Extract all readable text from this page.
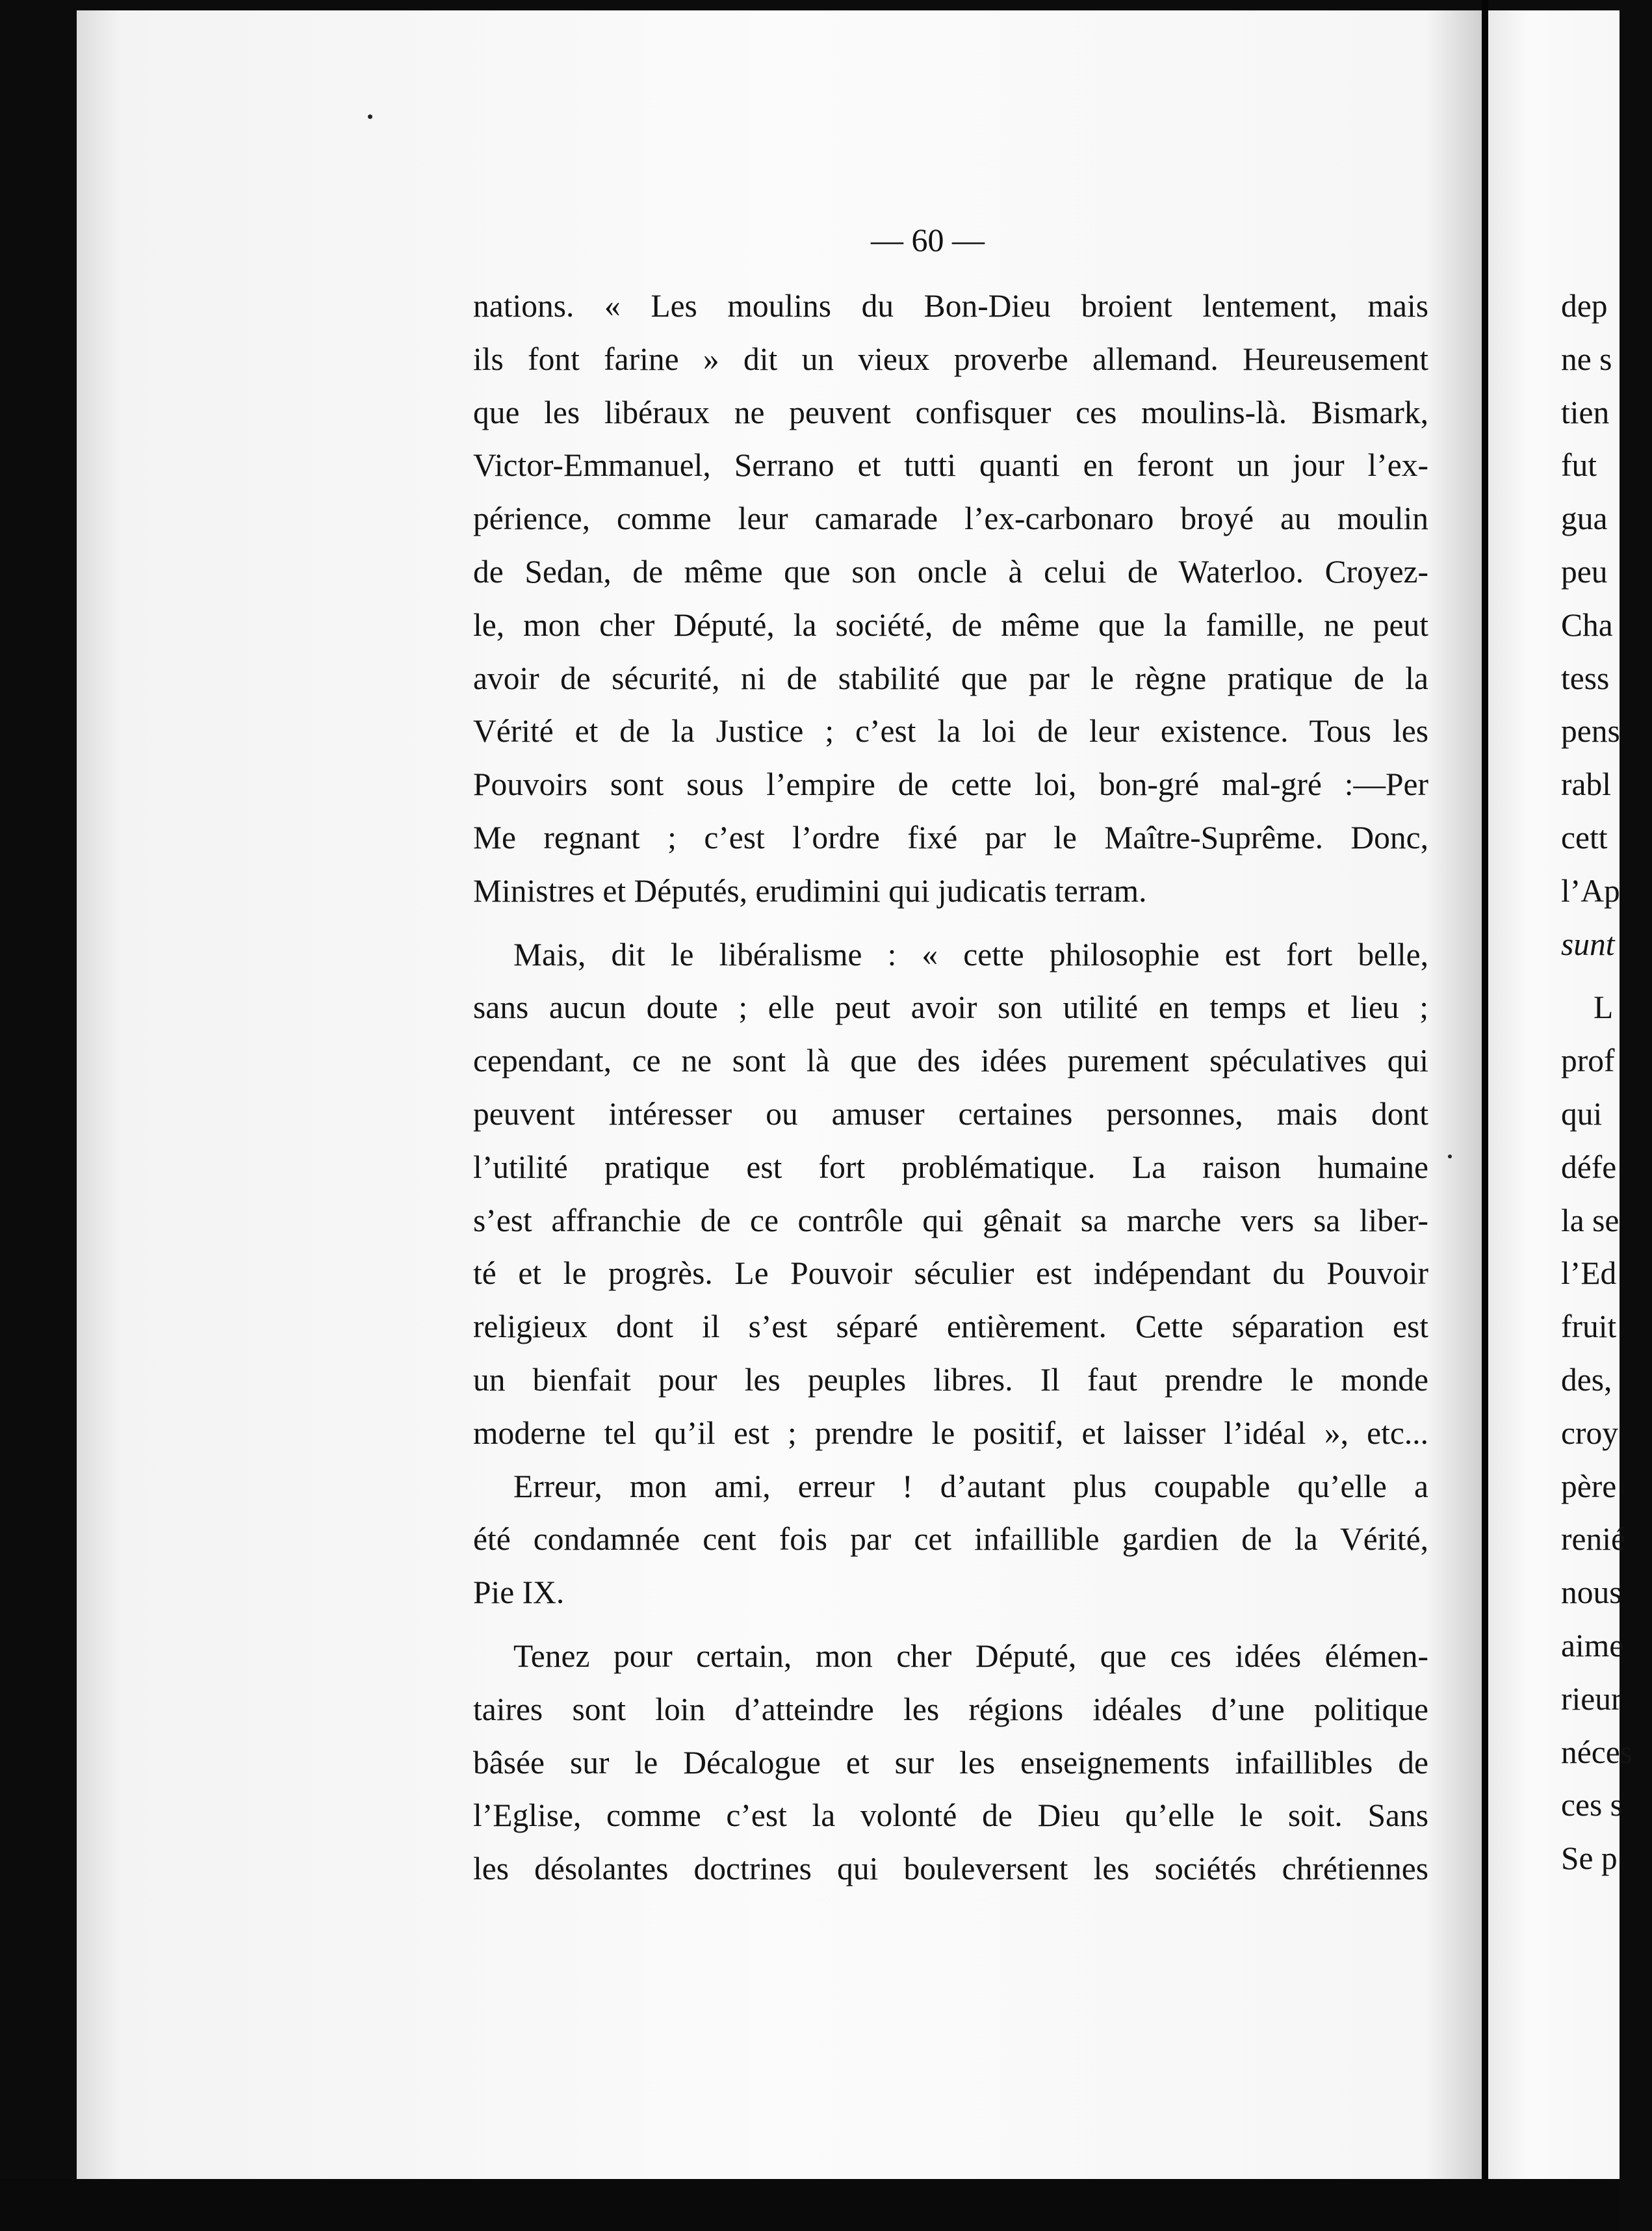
— 60 —

nations. « Les moulins du Bon-Dieu broient lentement, mais
ils font farine » dit un vieux proverbe allemand. Heureusement
que les libéraux ne peuvent confisquer ces moulins-là. Bismark,
Victor-Emmanuel, Serrano et tutti quanti en feront un jour l’ex-
périence, comme leur camarade l’ex-carbonaro broyé au moulin
de Sedan, de même que son oncle à celui de Waterloo. Croyez-
le, mon cher Député, la société, de même que la famille, ne peut
avoir de sécurité, ni de stabilité que par le règne pratique de la
Vérité et de la Justice ; c’est la loi de leur existence. Tous les
Pouvoirs sont sous l’empire de cette loi, bon-gré mal-gré :—Per
Me regnant ; c’est l’ordre fixé par le Maître-Suprême. Donc,
Ministres et Députés, erudimini qui judicatis terram.

Mais, dit le libéralisme : « cette philosophie est fort belle,
sans aucun doute ; elle peut avoir son utilité en temps et lieu ;
cependant, ce ne sont là que des idées purement spéculatives qui
peuvent intéresser ou amuser certaines personnes, mais dont
l’utilité pratique est fort problématique. La raison humaine
s’est affranchie de ce contrôle qui gênait sa marche vers sa liber-
té et le progrès. Le Pouvoir séculier est indépendant du Pouvoir
religieux dont il s’est séparé entièrement. Cette séparation est
un bienfait pour les peuples libres. Il faut prendre le monde
moderne tel qu’il est ; prendre le positif, et laisser l’idéal », etc...

Erreur, mon ami, erreur ! d’autant plus coupable qu’elle a
été condamnée cent fois par cet infaillible gardien de la Vérité,
Pie IX.

Tenez pour certain, mon cher Député, que ces idées élémen-
taires sont loin d’atteindre les régions idéales d’une politique
bâsée sur le Décalogue et sur les enseignements infaillibles de
l’Eglise, comme c’est la volonté de Dieu qu’elle le soit. Sans
les désolantes doctrines qui bouleversent les sociétés chrétiennes

dep
ne s
tien
fut
gua
peu
Cha
tess
pens
rabl
cett
l’Ap
sunt
L
prof
qui
défe
la se
l’Ed
fruit
des,
croy
père
renié
nous
aime
rieur
néces
ces s
Se p
